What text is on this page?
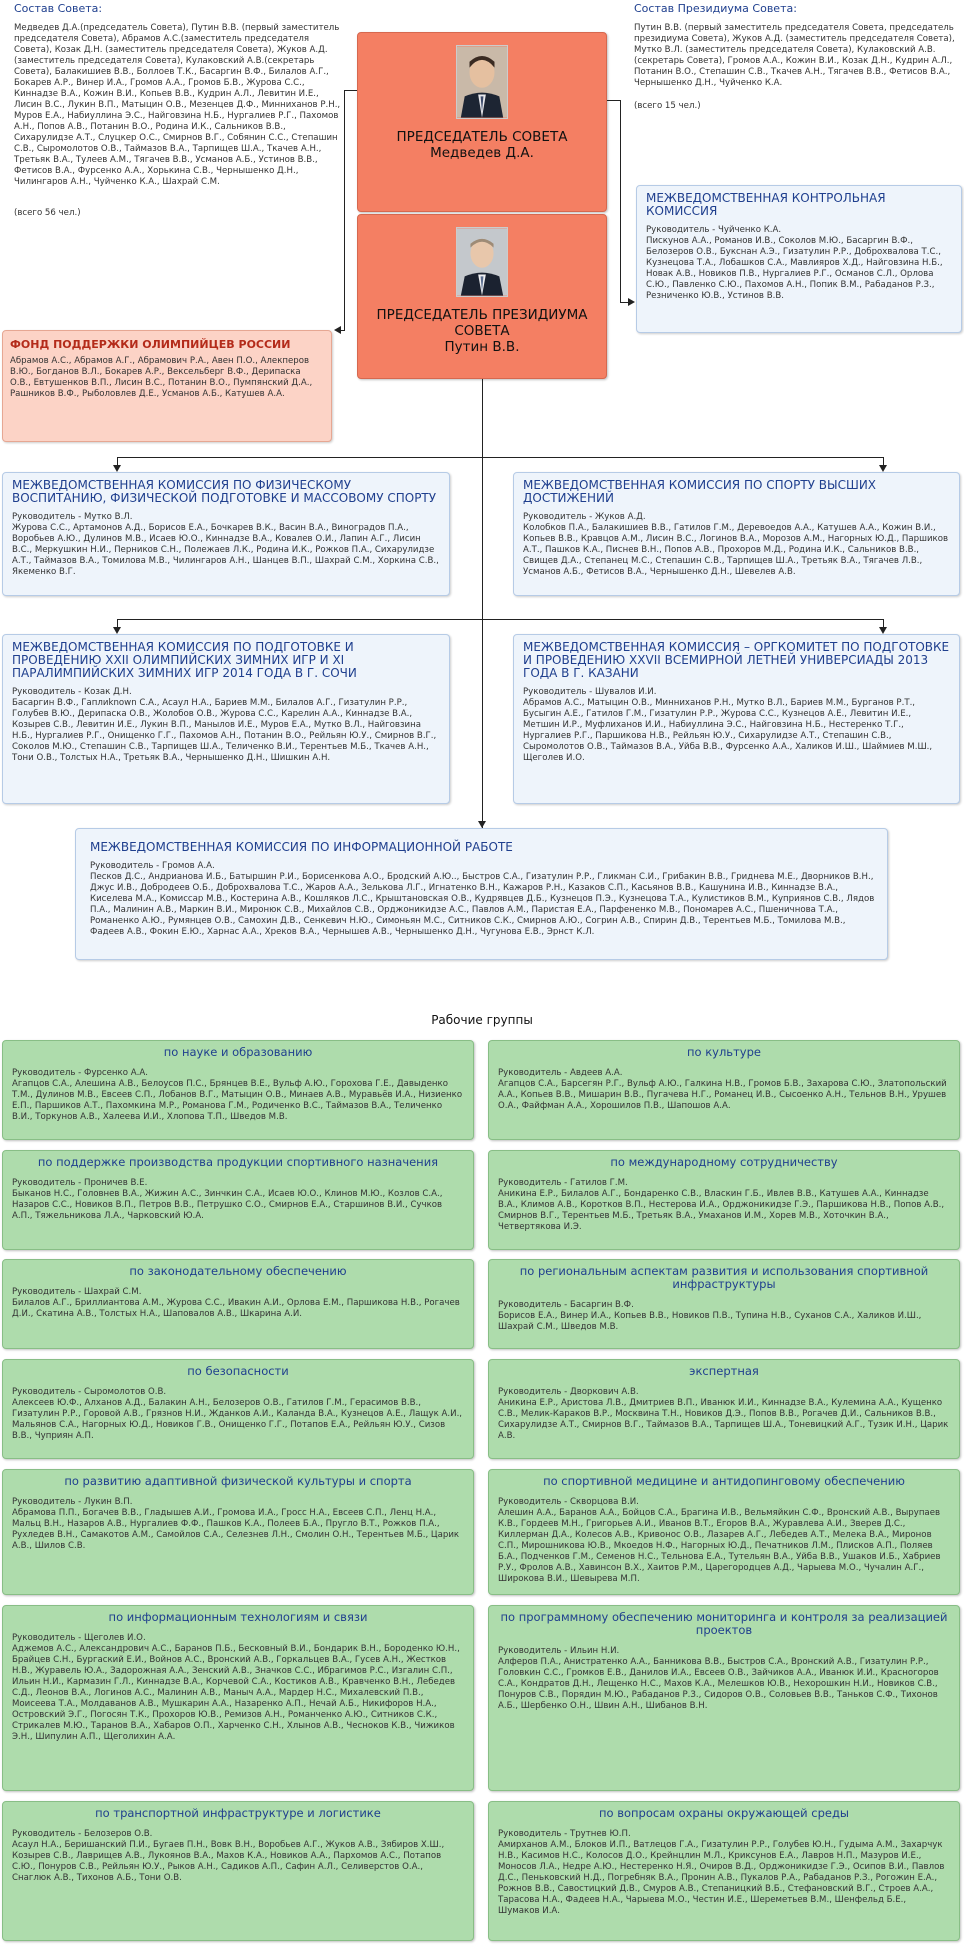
Состав Совета:
Медведев Д.А.(председатель Совета), Путин В.В. (первый заместитель председателя Совета), Абрамов А.С.(заместитель председателя Совета), Козак Д.Н. (заместитель председателя Совета), Жуков А.Д. (заместитель председателя Совета), Кулаковский А.В.(секретарь Совета), Балакишиев В.В., Боллоев Т.К., Басаргин В.Ф., Билалов А.Г., Бокарев А.Р., Винер И.А., Громов А.А., Громов Б.В., Журова С.С., Киннадзе В.А., Кожин В.И., Копьев В.В., Кудрин А.Л., Левитин И.Е., Лисин В.С., Лукин В.П., Матыцин О.В., Мезенцев Д.Ф., Минниханов Р.Н., Муров Е.А., Набиуллина Э.С., Найговзина Н.Б., Нургалиев Р.Г., Пахомов А.Н., Попов А.В., Потанин В.О., Родина И.К., Сальников В.В., Сихарулидзе А.Т., Слуцкер О.С., Смирнов В.Г., Собянин С.С., Степашин С.В., Сыромолотов О.В., Таймазов В.А., Тарпищев Ш.А., Ткачев А.Н., Третьяк В.А., Тулеев А.М., Тягачев В.В., Усманов А.Б., Устинов В.В., Фетисов В.А., Фурсенко А.А., Хорькина С.В., Чернышенко Д.Н., Чилингаров А.Н., Чуйченко К.А., Шахрай С.М.
(всего 56 чел.)
Состав Президиума Совета:
Путин В.В. (первый заместитель председателя Совета, председатель президиума Совета), Жуков А.Д. (заместитель председателя Совета), Мутко В.Л. (заместитель председателя Совета), Кулаковский А.В. (секретарь Совета), Громов А.А., Кожин В.И., Козак Д.Н., Кудрин А.Л., Потанин В.О., Степашин С.В., Ткачев А.Н., Тягачев В.В., Фетисов В.А., Чернышенко Д.Н., Чуйченко К.А.
(всего 15 чел.)
ПРЕДСЕДАТЕЛЬ СОВЕТА
Медведев Д.А.
ПРЕДСЕДАТЕЛЬ ПРЕЗИДИУМА СОВЕТА
Путин В.В.
ФОНД ПОДДЕРЖКИ ОЛИМПИЙЦЕВ РОССИИ
Абрамов А.С., Абрамов А.Г., Абрамович Р.А., Авен П.О., Алекперов В.Ю., Богданов В.Л., Бокарев А.Р., Вексельберг В.Ф., Дерипаска О.В., Евтушенков В.П., Лисин В.С., Потанин В.О., Пумпянский Д.А., Рашников В.Ф., Рыболовлев Д.Е., Усманов А.Б., Катушев А.А.
МЕЖВЕДОМСТВЕННАЯ КОНТРОЛЬНАЯ КОМИССИЯ
Руководитель - Чуйченко К.А.
Пискунов А.А., Романов И.В., Соколов М.Ю., Басаргин В.Ф., Белозеров О.В., Букснан А.Э., Гизатулин Р.Р., Доброхвалова Т.С., Кузнецова Т.А., Лобашков С.А., Мавлияров Х.Д., Найговзина Н.Б., Новак А.В., Новиков П.В., Нургалиев Р.Г., Османов С.Л., Орлова С.Ю., Павленко С.Ю., Пахомов А.Н., Попик В.М., Рабаданов Р.З., Резниченко Ю.В., Устинов В.В.
МЕЖВЕДОМСТВЕННАЯ КОМИССИЯ ПО ФИЗИЧЕСКОМУ ВОСПИТАНИЮ, ФИЗИЧЕСКОЙ ПОДГОТОВКЕ И МАССОВОМУ СПОРТУ
Руководитель - Мутко В.Л.
Журова С.С., Артамонов А.Д., Борисов Е.А., Бочкарев В.К., Васин В.А., Виноградов П.А., Воробьев А.Ю., Дулинов М.В., Исаев Ю.О., Киннадзе В.А., Ковалев О.И., Лапин А.Г., Лисин В.С., Меркушкин Н.И., Перников С.Н., Полежаев Л.К., Родина И.К., Рожков П.А., Сихарулидзе А.Т., Таймазов В.А., Томилова М.В., Чилингаров А.Н., Шанцев В.П., Шахрай С.М., Хоркина С.В., Якеменко В.Г.
МЕЖВЕДОМСТВЕННАЯ КОМИССИЯ ПО СПОРТУ ВЫСШИХ ДОСТИЖЕНИЙ
Руководитель - Жуков А.Д.
Колобков П.А., Балакишиев В.В., Гатилов Г.М., Деревоедов А.А., Катушев А.А., Кожин В.И., Копьев В.В., Кравцов А.М., Лисин В.С., Логинов В.А., Морозов А.М., Нагорных Ю.Д., Паршиков А.Т., Пашков К.А., Писнев В.Н., Попов А.В., Прохоров М.Д., Родина И.К., Сальников В.В., Свищев Д.А., Степанец М.С., Степашин С.В., Тарпищев Ш.А., Третьяк В.А., Тягачев Л.В., Усманов А.Б., Фетисов В.А., Чернышенко Д.Н., Шевелев А.В.
МЕЖВЕДОМСТВЕННАЯ КОМИССИЯ ПО ПОДГОТОВКЕ И ПРОВЕДЕНИЮ XXII ОЛИМПИЙСКИХ ЗИМНИХ ИГР И XI ПАРАЛИМПИЙСКИХ ЗИМНИХ ИГР 2014 ГОДА В Г. СОЧИ
Руководитель - Козак Д.Н.
Басаргин В.Ф., Гаплиknown С.А., Асаул Н.А., Бариев М.М., Билалов А.Г., Гизатулин Р.Р., Голубев В.Ю., Дерипаска О.В., Жолобов О.В., Журова С.С., Карелин А.А., Киннадзе В.А., Козырев С.В., Левитин И.Е., Лукин В.П., Манылов И.Е., Муров Е.А., Мутко В.Л., Найговзина Н.Б., Нургалиев Р.Г., Онищенко Г.Г., Пахомов А.Н., Потанин В.О., Рейльян Ю.У., Смирнов В.Г., Соколов М.Ю., Степашин С.В., Тарпищев Ш.А., Теличенко В.И., Терентьев М.Б., Ткачев А.Н., Тони О.В., Толстых Н.А., Третьяк В.А., Чернышенко Д.Н., Шишкин А.Н.
МЕЖВЕДОМСТВЕННАЯ КОМИССИЯ – ОРГКОМИТЕТ ПО ПОДГОТОВКЕ И ПРОВЕДЕНИЮ XXVII ВСЕМИРНОЙ ЛЕТНЕЙ УНИВЕРСИАДЫ 2013 ГОДА В Г. КАЗАНИ
Руководитель - Шувалов И.И.
Абрамов А.С., Матыцин О.В., Минниханов Р.Н., Мутко В.Л., Бариев М.М., Бурганов Р.Т., Бусыгин А.Е., Гатилов Г.М., Гизатулин Р.Р., Журова С.С., Кузнецов А.Е., Левитин И.Е., Метшин И.Р., Муфлиханов И.И., Набиуллина Э.С., Найговзина Н.Б., Нестеренко Т.Г., Нургалиев Р.Г., Паршикова Н.В., Рейльян Ю.У., Сихарулидзе А.Т., Степашин С.В., Сыромолотов О.В., Таймазов В.А., Уйба В.В., Фурсенко А.А., Халиков И.Ш., Шаймиев М.Ш., Щеголев И.О.
МЕЖВЕДОМСТВЕННАЯ КОМИССИЯ ПО ИНФОРМАЦИОННОЙ РАБОТЕ
Руководитель - Громов А.А.
Песков Д.С., Андрианова И.Б., Батыршин Р.И., Борисенкова А.О., Бродский А.Ю.., Быстров С.А., Гизатулин Р.Р., Гликман С.И., Грибакин В.В., Гриднева М.Е., Дворников В.Н., Джус И.В., Добродеев О.Б., Доброхвалова Т.С., Жаров А.А., Зелькова Л.Г., Игнатенко В.Н., Кажаров Р.Н., Казаков С.П., Касьянов В.В., Кашунина И.В., Киннадзе В.А., Киселева М.А., Комиссар М.В., Костерина А.В., Кошляков Л.С., Крыштановская О.В., Кудрявцев Д.Б., Кузнецов П.Э., Кузнецова Т.А., Кулистиков В.М., Куприянов С.В., Лядов П.А., Малинин А.В., Маркин В.И., Миронюк С.В., Михайлов С.В., Орджоникидзе А.С., Павлов А.М., Паристая Е.А., Парфененко М.В., Пономарев А.С., Пшеничнова Т.А., Романенко А.Ю., Румянцев О.В., Самохин Д.В., Сенкевич Н.Ю., Симоньян М.С., Ситников С.К., Смирнов А.Ю., Согрин А.В., Спирин Д.В., Терентьев М.Б., Томилова М.В., Фадеев А.В., Фокин Е.Ю., Харнас А.А., Хреков В.А., Чернышев А.В., Чернышенко Д.Н., Чугунова Е.В., Эрнст К.Л.
Рабочие группы
по науке и образованию
Руководитель - Фурсенко А.А.
Агапцов С.А., Алешина А.В., Белоусов П.С., Брянцев В.Е., Вульф А.Ю., Горохова Г.Е., Давыденко Т.М., Дулинов М.В., Евсеев С.П., Лобанов В.Г., Матыцин О.В., Минаев А.В., Муравьёв И.А., Низиенко Е.П., Паршиков А.Т., Пахомкина М.Р., Романова Г.М., Родиченко В.С., Таймазов В.А., Теличенко В.И., Торкунов А.В., Халеева И.И., Хлопова Т.П., Шведов М.В.
по культуре
Руководитель - Авдеев А.А.
Агапцов С.А., Барсегян Р.Г., Вульф А.Ю., Галкина Н.В., Громов Б.В., Захарова С.Ю., Златопольский А.А., Копьев В.В., Мишарин В.В., Пугачева Н.Г., Романец И.В., Сысоенко А.Н., Тельнов В.Н., Урушев О.А., Файфман А.А., Хорошилов П.В., Шапошов А.А.
по поддержке производства продукции спортивного назначения
Руководитель - Проничев В.Е.
Быканов Н.С., Головнев В.А., Жижин А.С., Зинчкин С.А., Исаев Ю.О., Клинов М.Ю., Козлов С.А., Назаров С.С., Новиков В.П., Петров В.В., Петрушко С.О., Смирнов Е.А., Старшинов В.И., Сучков А.П., Тяжельникова Л.А., Чарковский Ю.А.
по международному сотрудничеству
Руководитель - Гатилов Г.М.
Аникина Е.Р., Билалов А.Г., Бондаренко С.В., Власкин Г.Б., Ивлев В.В., Катушев А.А., Киннадзе В.А., Климов А.В., Коротков В.П., Нестерова И.А., Орджоникидзе Г.Э., Паршикова Н.В., Попов А.В., Смирнов В.Г., Терентьев М.Б., Третьяк В.А., Умаханов И.М., Хорев М.В., Хоточкин В.А., Четвертякова И.Э.
по законодательному обеспечению
Руководитель - Шахрай С.М.
Билалов А.Г., Бриллиантова А.М., Журова С.С., Ивакин А.И., Орлова Е.М., Паршикова Н.В., Рогачев Д.И., Скатина А.В., Толстых Н.А., Шаповалов А.В., Шкарина А.И.
по региональным аспектам развития и использования спортивной инфраструктуры
Руководитель - Басаргин В.Ф.
Борисов Е.А., Винер И.А., Копьев В.В., Новиков П.В., Тупина Н.В., Суханов С.А., Халиков И.Ш., Шахрай С.М., Шведов М.В.
по безопасности
Руководитель - Сыромолотов О.В.
Алексеев Ю.Ф., Алханов А.Д., Балакин А.Н., Белозеров О.В., Гатилов Г.М., Герасимов В.В., Гизатулин Р.Р., Горовой А.В., Грязнов Н.И., Жданков А.И., Каланда В.А., Кузнецов А.Е., Лащук А.И., Мальянов С.А., Нагорных Ю.Д., Новиков Г.В., Онищенко Г.Г., Потапов Е.А., Рейльян Ю.У., Сизов В.В., Чуприян А.П.
экспертная
Руководитель - Дворкович А.В.
Аникина Е.Р., Аристова Л.В., Дмитриев В.П., Иванюк И.И., Киннадзе В.А., Кулемина А.А., Кущенко С.В., Мелик-Караков В.Р., Москвина Т.Н., Новиков Д.Э., Попов В.В., Рогачев Д.И., Сальников В.В., Сихарулидзе А.Т., Смирнов В.Г., Таймазов В.А., Тарпищев Ш.А., Тоневицкий А.Г., Тузик И.Н., Царик А.В.
по развитию адаптивной физической культуры и спорта
Руководитель - Лукин В.П.
Абрамова П.П., Богачев В.В., Гладышев А.И., Громова И.А., Гросс Н.А., Евсеев С.П., Ленц Н.А., Мальц В.Н., Назаров А.В., Нургалиев Ф.Ф., Пашков К.А., Полеев Б.А., Пругло В.Т., Рожков П.А., Рухледев В.Н., Самакотов А.М., Самойлов С.А., Селезнев Л.Н., Смолин О.Н., Терентьев М.Б., Царик А.В., Шилов С.В.
по спортивной медицине и антидопинговому обеспечению
Руководитель - Скворцова В.И.
Алешин А.А., Баранов А.А., Бойцов С.А., Брагина И.В., Вельмяйкин С.Ф., Вронский А.В., Вырупаев К.В., Гордеев М.Н., Григорьев А.И., Иванов В.Т., Егоров В.А., Журавлева А.И., Зверев Д.С., Киллерман Д.А., Колесов А.В., Кривонос О.В., Лазарев А.Г., Лебедев А.Т., Мелека В.А., Миронов С.П., Мирошникова Ю.В., Мкоедов Н.Ф., Нагорных Ю.Д., Печатников Л.М., Плисков А.П., Поляев Б.А., Подченков Г.М., Семенов Н.С., Тельнова Е.А., Тутельян В.А., Уйба В.В., Ушаков И.Б., Хабриев Р.У., Фролов А.В., Хавинсон В.Х., Хаитов Р.М., Царегородцев А.Д., Чарыева М.О., Чучалин А.Г., Широкова В.И., Шевырева М.П.
по информационным технологиям и связи
Руководитель - Щеголев И.О.
Аджемов А.С., Александрович А.С., Баранов П.Б., Бесковный В.И., Бондарик В.Н., Бороденко Ю.Н., Брайцев С.Н., Бургаский Е.И., Войнов А.С., Вронский А.В., Горкальцев В.А., Гусев А.Н., Жестков Н.В., Журавель Ю.А., Задорожная А.А., Зенский А.В., Значков С.С., Ибрагимов Р.С., Изгалин С.П., Ильин Н.И., Кармазин Г.Л., Киннадзе В.А., Корчевой С.А., Костиков А.В., Кравченко В.Н., Лебедев С.Д., Леонов В.А., Логинов А.С., Малинин А.В., Маныч А.А., Мардер Н.С., Михалевский П.В., Моисеева Т.А., Молдаванов А.В., Мушкарин А.А., Назаренко А.П., Нечай А.Б., Никифоров Н.А., Островский Э.Г., Погосян Т.К., Прохоров Ю.В., Ремизов А.Н., Романченко А.Ю., Ситников С.К., Стрикалев М.Ю., Таранов В.А., Хабаров О.П., Харченко С.Н., Хлынов А.В., Чесноков К.В., Чижиков Э.Н., Шипулин А.П., Щеголихин А.А.
по программному обеспечению мониторинга и контроля за реализацией проектов
Руководитель - Ильин Н.И.
Алферов П.А., Анистратенко А.А., Банникова В.В., Быстров С.А., Вронский А.В., Гизатулин Р.Р., Головкин С.С., Громков Е.В., Данилов И.А., Евсеев О.В., Зайчиков А.А., Иванюк И.И., Красногоров С.А., Кондратов Д.Н., Лещенко Н.С., Махов К.А., Мелешков Ю.В., Нехорошкин Н.И., Новиков С.В., Понуров С.В., Порядин М.Ю., Рабаданов Р.З., Сидоров О.В., Соловьев В.В., Таньков С.Ф., Тихонов А.Б., Шербенко О.Н., Швин А.Н., Шибанов В.Н.
по транспортной инфраструктуре и логистике
Руководитель - Белозеров О.В.
Асаул Н.А., Беришанский П.И., Бугаев П.Н., Вовк В.Н., Воробьев А.Г., Жуков А.В., Зябиров Х.Ш., Козырев С.В., Лаврищев А.В., Лукоянов В.А., Махов К.А., Новиков А.А., Пархомов А.С., Потапов С.Ю., Понуров С.В., Рейльян Ю.У., Рыков А.Н., Садиков А.П., Сафин А.Л., Селиверстов О.А., Снаглюк А.В., Тихонов А.Б., Тони О.В.
по вопросам охраны окружающей среды
Руководитель - Трутнев Ю.П.
Амирханов А.М., Блоков И.П., Ватлецов Г.А., Гизатулин Р.Р., Голубев Ю.Н., Гудыма А.М., Захарчук Н.В., Касимов Н.С., Колосов Д.О., Крейнцлин М.Л., Криксунов Е.А., Лавров Н.П., Мазуров И.Е., Моносов Л.А., Недре А.Ю., Нестеренко Н.Я., Очиров В.Д., Орджоникидзе Г.Э., Осипов В.И., Павлов Д.С., Пеньковский Н.Д., Погребняк В.А., Пронин А.В., Пукалов Р.А., Рабаданов Р.З., Рогожин Е.А., Рожнов В.В., Савостицкий Д.В., Смуров А.В., Степаницкий В.Б., Стефановский В.Г., Строев А.А., Тарасова Н.А., Фадеев Н.А., Чарыева М.О., Честин И.Е., Шереметьев В.М., Шенфельд Б.Е., Шумаков И.А.
